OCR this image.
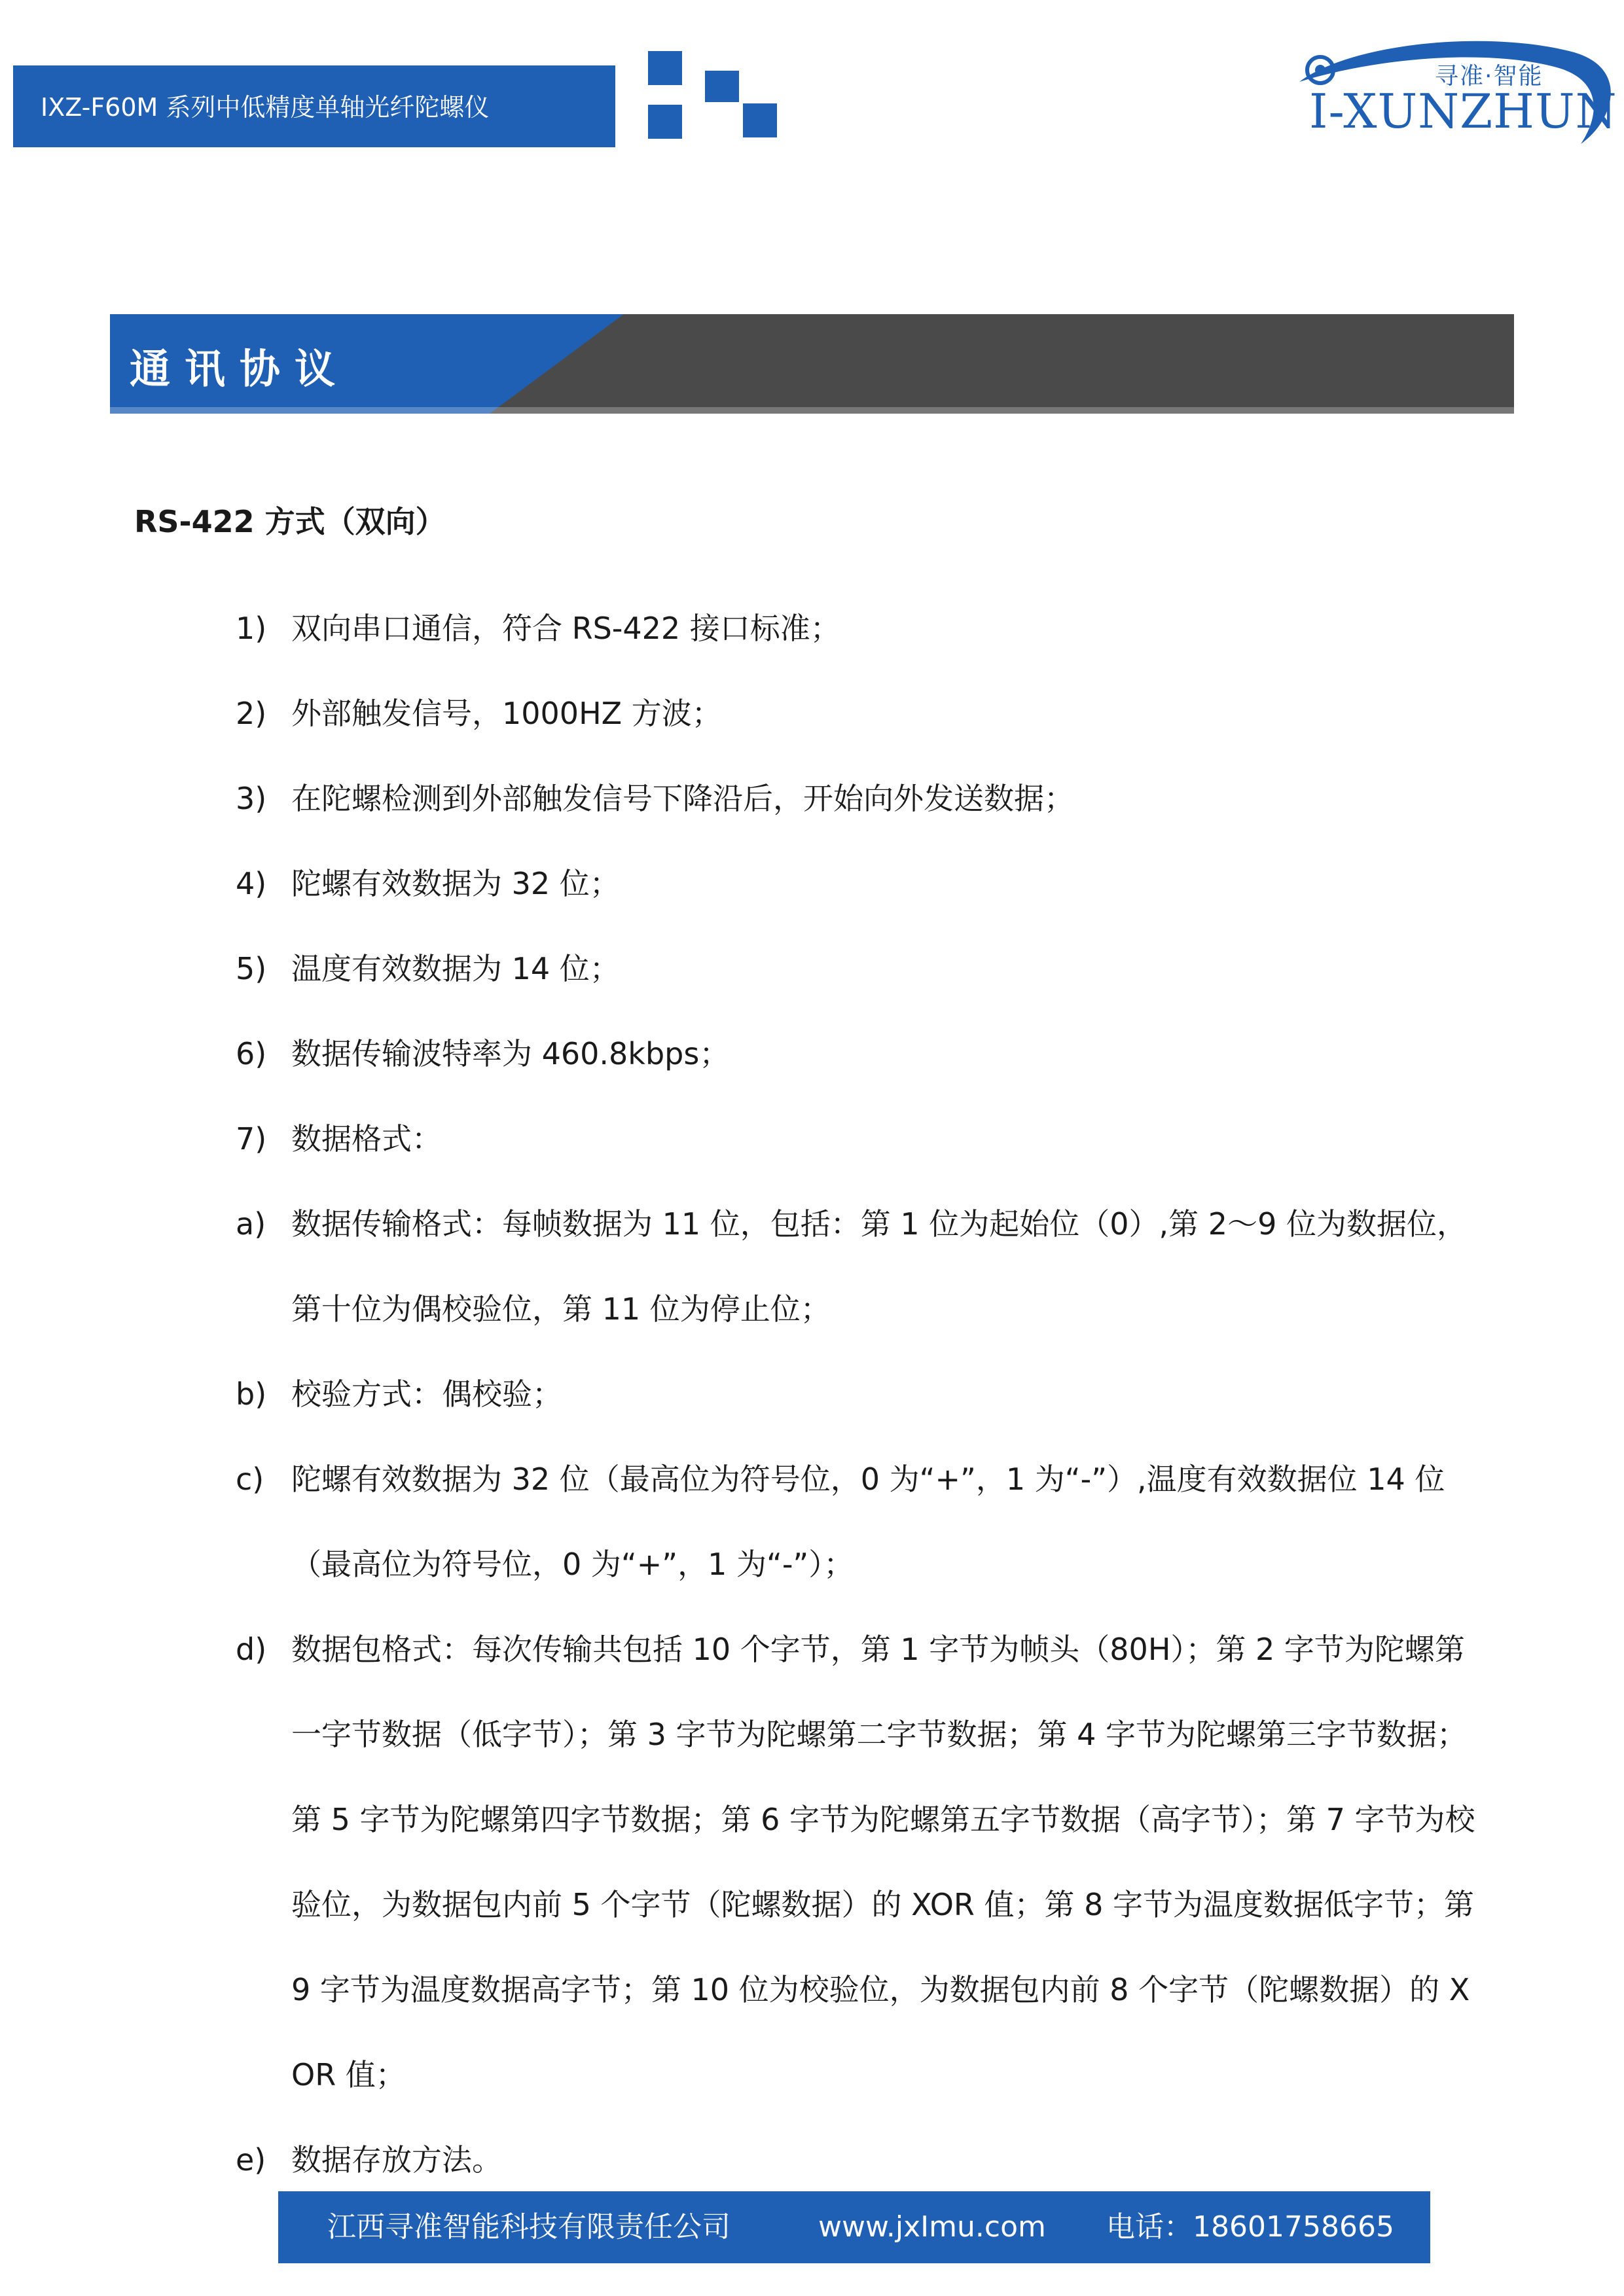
IXZ-F60M 系列中低精度单轴光纤陀螺仪
寻准·智能
I-XUNZHUN
通讯协议
RS-422 方式（双向）
1) 双向串口通信，符合 RS-422 接口标准；
2) 外部触发信号，1000HZ 方波；
3) 在陀螺检测到外部触发信号下降沿后，开始向外发送数据；
4) 陀螺有效数据为 32 位；
5) 温度有效数据为 14 位；
6) 数据传输波特率为 460.8kbps；
7) 数据格式：
a) 数据传输格式：每帧数据为 11 位，包括：第 1 位为起始位（0）,第 2～9 位为数据位，第十位为偶校验位，第 11 位为停止位；
b) 校验方式：偶校验；
c) 陀螺有效数据为 32 位（最高位为符号位，0 为“+”，1 为“-”）,温度有效数据位 14 位（最高位为符号位，0 为“+”，1 为“-”）；
d) 数据包格式：每次传输共包括 10 个字节，第 1 字节为帧头（80H）；第 2 字节为陀螺第一字节数据（低字节）；第 3 字节为陀螺第二字节数据；第 4 字节为陀螺第三字节数据；第 5 字节为陀螺第四字节数据；第 6 字节为陀螺第五字节数据（高字节）；第 7 字节为校验位，为数据包内前 5 个字节（陀螺数据）的 XOR 值；第 8 字节为温度数据低字节；第 9 字节为温度数据高字节；第 10 位为校验位，为数据包内前 8 个字节（陀螺数据）的 XOR 值；
e) 数据存放方法。
江西寻准智能科技有限责任公司	www.jxImu.com 电话：18601758665
